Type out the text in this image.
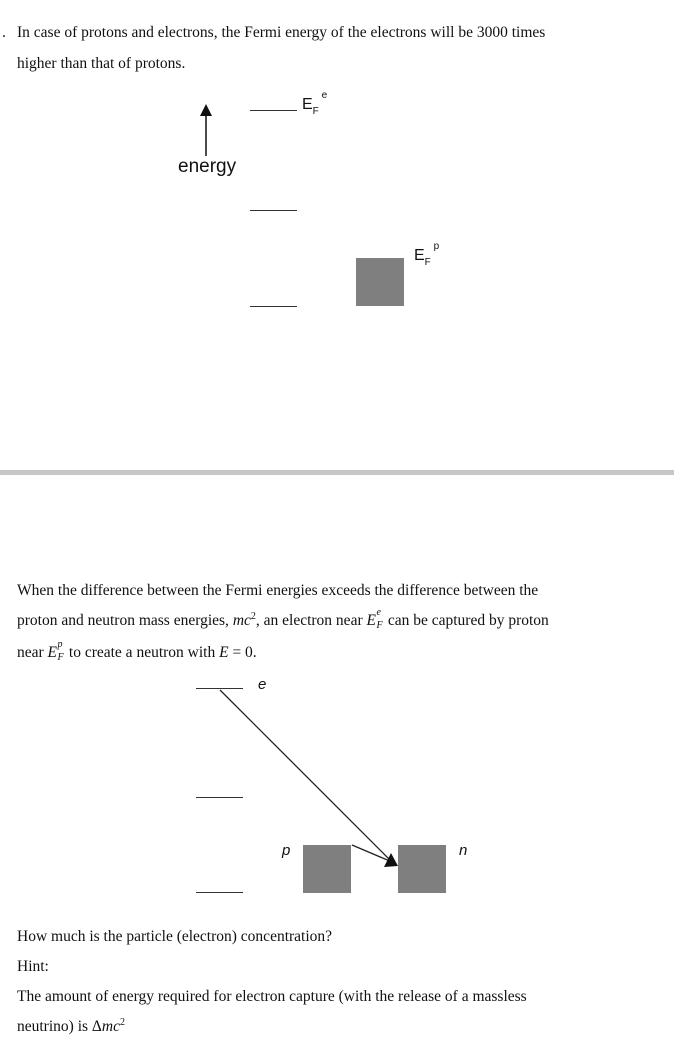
. In case of protons and electrons, the Fermi energy of the electrons will be 3000 times
higher than that of protons.
energy
E F
e
E F
p
When the difference between the Fermi energies exceeds the difference between the
proton and neutron mass energies, $mc^2$, an electron near E e
F can be captured by proton
near E p
F to create a neutron with E = 0.
e
p	n
How much is the particle (electron) concentration?
Hint:
The amount of energy required for electron capture (with the release of a massless
neutrino) is Δmc$^2$
